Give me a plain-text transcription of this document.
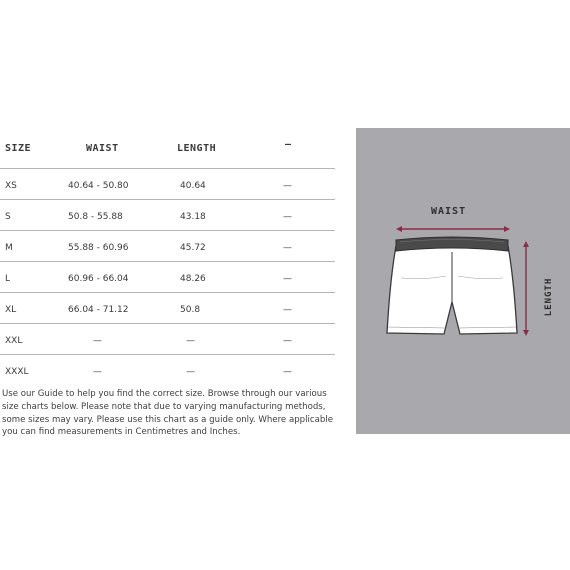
SIZE	WAIST	LENGTH	—
XS	40.64 - 50.80	40.64	—
S	50.8 - 55.88	43.18	—
M	55.88 - 60.96	45.72	—
L	60.96 - 66.04	48.26	—
XL	66.04 - 71.12	50.8	—
XXL	—	—	—
XXXL	—	—	—
Use our Guide to help you find the correct size. Browse through our various size charts below. Please note that due to varying manufacturing methods, some sizes may vary. Please use this chart as a guide only. Where applicable you can find measurements in Centimetres and Inches.
WAIST
LENGTH
